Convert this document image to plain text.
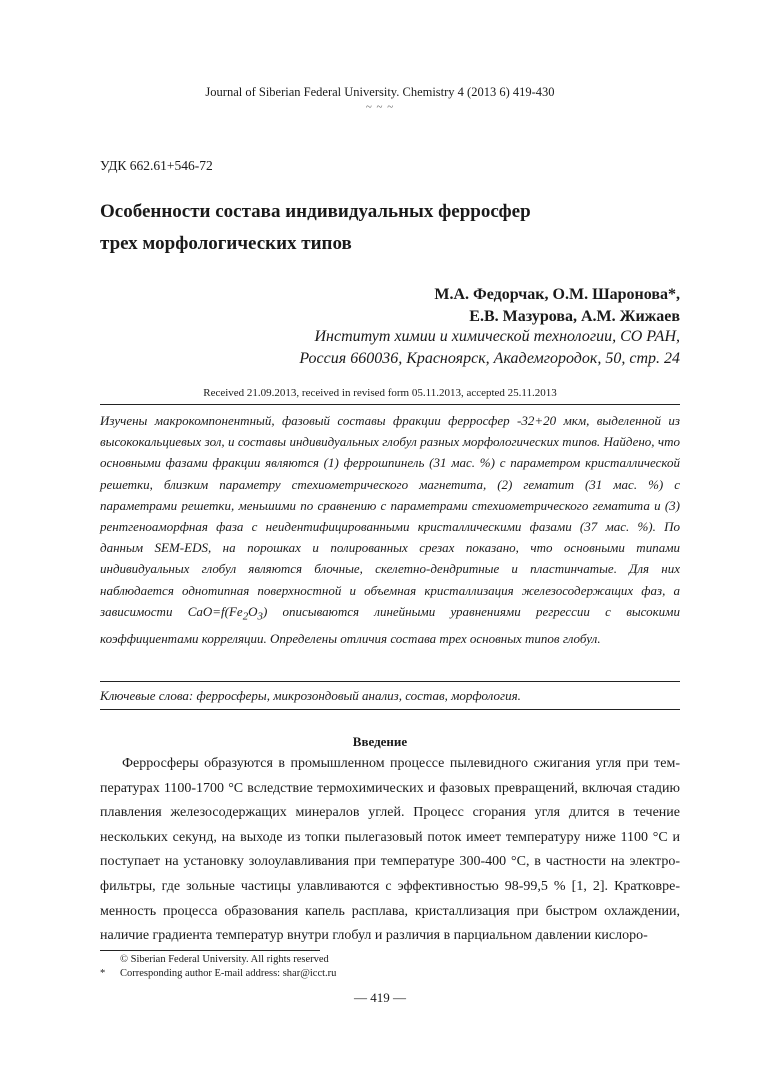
Journal of Siberian Federal University. Chemistry 4 (2013 6) 419-430
~ ~ ~
УДК 662.61+546-72
Особенности состава индивидуальных ферросфер
трех морфологических типов
М.А. Федорчак, О.М. Шаронова*,
Е.В. Мазурова, А.М. Жижаев
Институт химии и химической технологии, СО РАН,
Россия 660036, Красноярск, Академгородок, 50, стр. 24
Received 21.09.2013, received in revised form 05.11.2013, accepted 25.11.2013
Изучены макрокомпонентный, фазовый составы фракции ферросфер -32+20 мкм, выделенной из высококальциевых зол, и составы индивидуальных глобул разных морфологических типов. Найдено, что основными фазами фракции являются (1) феррошпинель (31 мас. %) с параметром кристаллической решетки, близким параметру стехиометрического магнетита, (2) гематит (31 мас. %) с параметрами решетки, меньшими по сравнению с параметрами стехиометрического гематита и (3) рентгеноаморфная фаза с неидентифицированными кристаллическими фазами (37 мас. %). По данным SEM-EDS, на порошках и полированных срезах показано, что основными типами индивидуальных глобул являются блочные, скелетно-дендритные и пластинчатые. Для них наблюдается однотипная поверхностной и объемная кристаллизация железосодержащих фаз, а зависимости $CaO=f(Fe_2O_3)$ описываются линейными уравнениями регрессии с высокими коэффициентами корреляции. Определены отличия состава трех основных типов глобул.
Ключевые слова: ферросферы, микрозондовый анализ, состав, морфология.
Введение
Ферросферы образуются в промышленном процессе пылевидного сжигания угля при температурах 1100-1700 °С вследствие термохимических и фазовых превращений, включая стадию плавления железосодержащих минералов углей. Процесс сгорания угля длится в течение нескольких секунд, на выходе из топки пылегазовый поток имеет температуру ниже 1100 °С и поступает на установку золоулавливания при температуре 300-400 °С, в частности на электрофильтры, где зольные частицы улавливаются с эффективностью 98-99,5 % [1, 2]. Кратковременность процесса образования капель расплава, кристаллизация при быстром охлаждении, наличие градиента температур внутри глобул и различия в парциальном давлении кислоро-
© Siberian Federal University. All rights reserved
* Corresponding author E-mail address: shar@icct.ru
— 419 —
